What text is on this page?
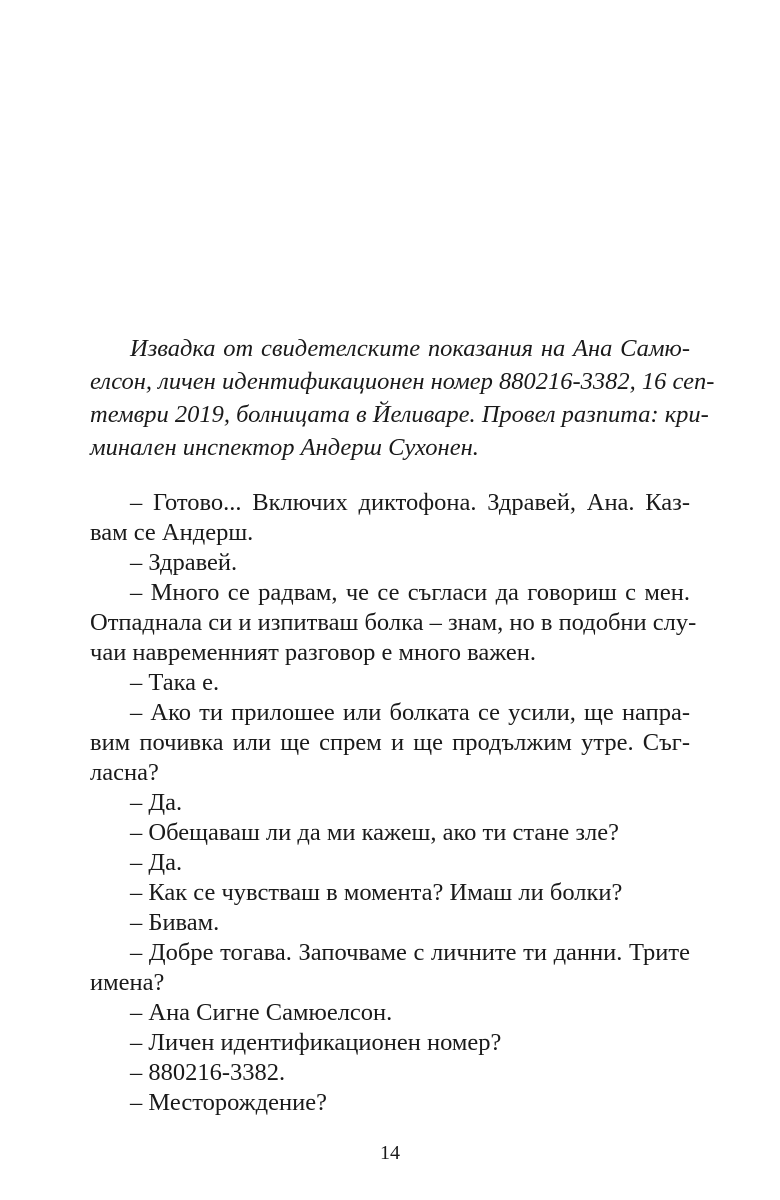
Извадка от свидетелските показания на Ана Самю-
елсон, личен идентификационен номер 880216-3382, 16 сеп-
тември 2019, болницата в Йеливаре. Провел разпита: кри-
минален инспектор Андерш Сухонен.
– Готово... Включих диктофона. Здравей, Ана. Каз-
вам се Андерш.
– Здравей.
– Много се радвам, че се съгласи да говориш с мен.
Отпаднала си и изпитваш болка – знам, но в подобни слу-
чаи навременният разговор е много важен.
– Така е.
– Ако ти прилошее или болката се усили, ще напра-
вим почивка или ще спрем и ще продължим утре. Съг-
ласна?
– Да.
– Обещаваш ли да ми кажеш, ако ти стане зле?
– Да.
– Как се чувстваш в момента? Имаш ли болки?
– Бивам.
– Добре тогава. Започваме с личните ти данни. Трите
имена?
– Ана Сигне Самюелсон.
– Личен идентификационен номер?
– 880216-3382.
– Месторождение?
14
